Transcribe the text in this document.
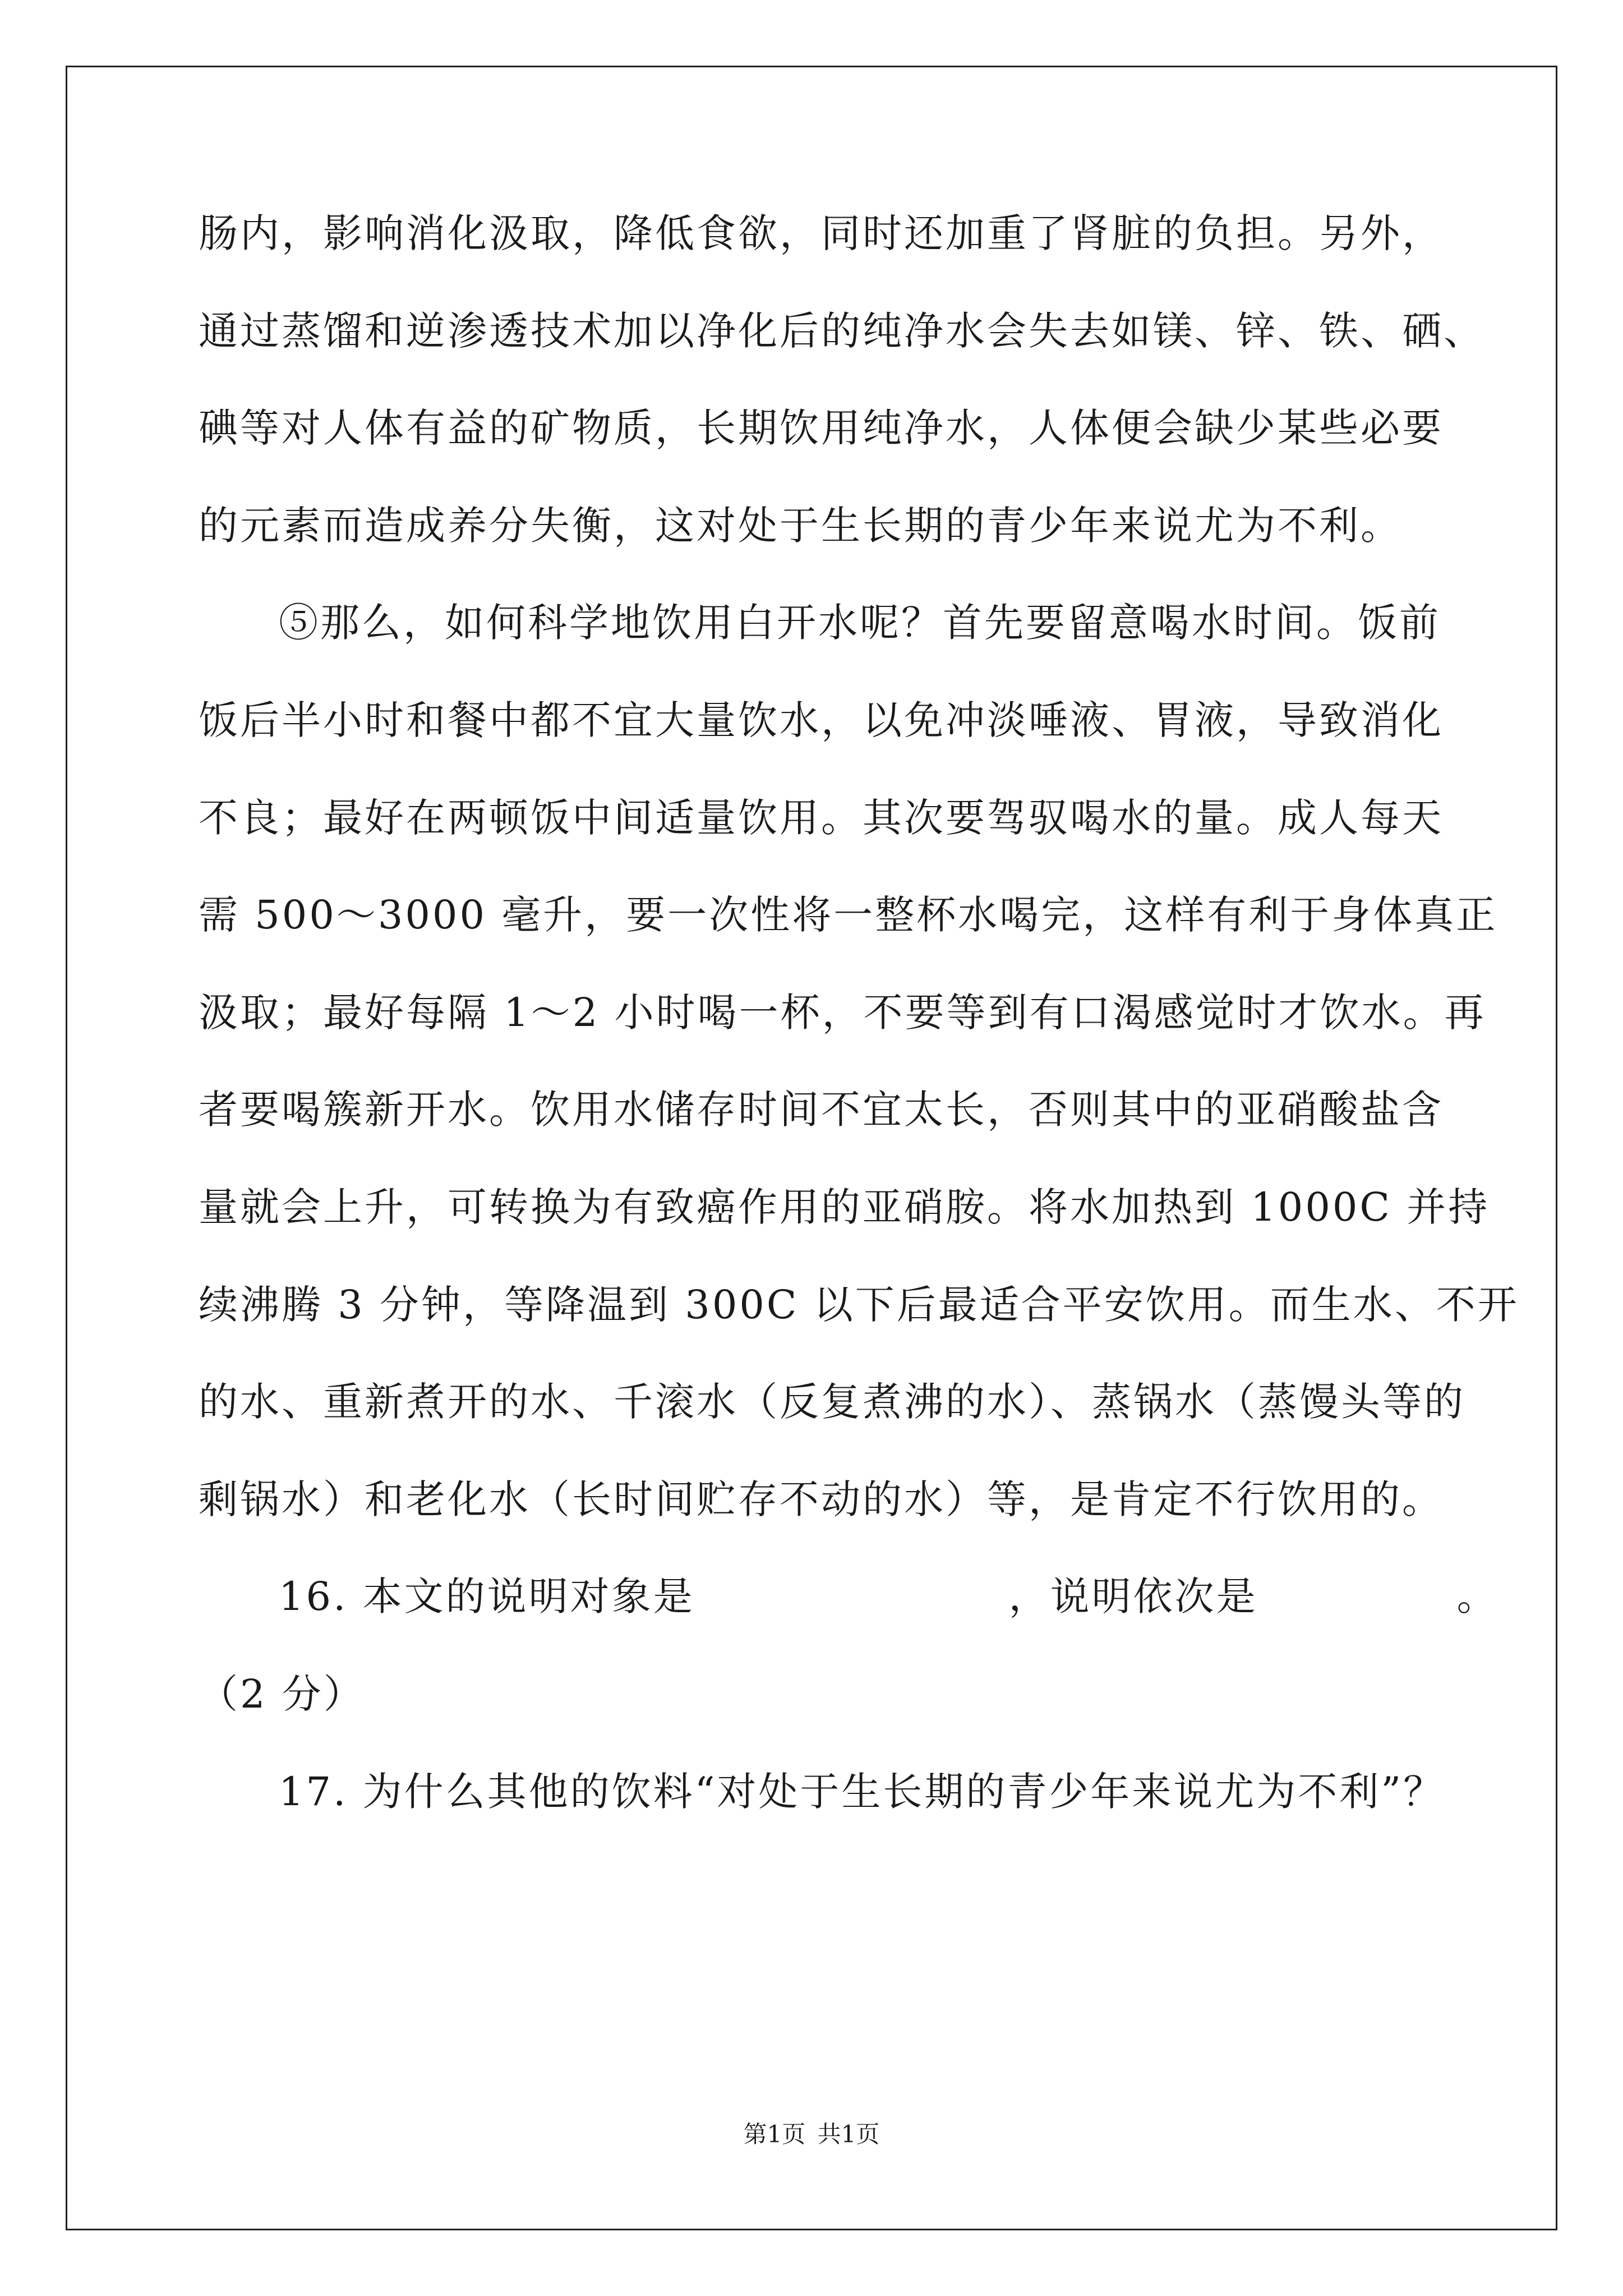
肠内，影响消化汲取，降低食欲，同时还加重了肾脏的负担。另外，
通过蒸馏和逆渗透技术加以净化后的纯净水会失去如镁、锌、铁、硒、
碘等对人体有益的矿物质，长期饮用纯净水，人体便会缺少某些必要
的元素而造成养分失衡，这对处于生长期的青少年来说尤为不利。
⑤那么，如何科学地饮用白开水呢？首先要留意喝水时间。饭前
饭后半小时和餐中都不宜大量饮水，以免冲淡唾液、胃液，导致消化
不良；最好在两顿饭中间适量饮用。其次要驾驭喝水的量。成人每天
需 500～3000 毫升，要一次性将一整杯水喝完，这样有利于身体真正
汲取；最好每隔 1～2 小时喝一杯，不要等到有口渴感觉时才饮水。再
者要喝簇新开水。饮用水储存时间不宜太长，否则其中的亚硝酸盐含
量就会上升，可转换为有致癌作用的亚硝胺。将水加热到 1000C 并持
续沸腾 3 分钟，等降温到 300C 以下后最适合平安饮用。而生水、不开
的水、重新煮开的水、千滚水（反复煮沸的水）、蒸锅水（蒸馒头等的
剩锅水）和老化水（长时间贮存不动的水）等，是肯定不行饮用的。
16. 本文的说明对象是	，说明依次是	。
（2 分）
17. 为什么其他的饮料“对处于生长期的青少年来说尤为不利”？
第1页 共1页
